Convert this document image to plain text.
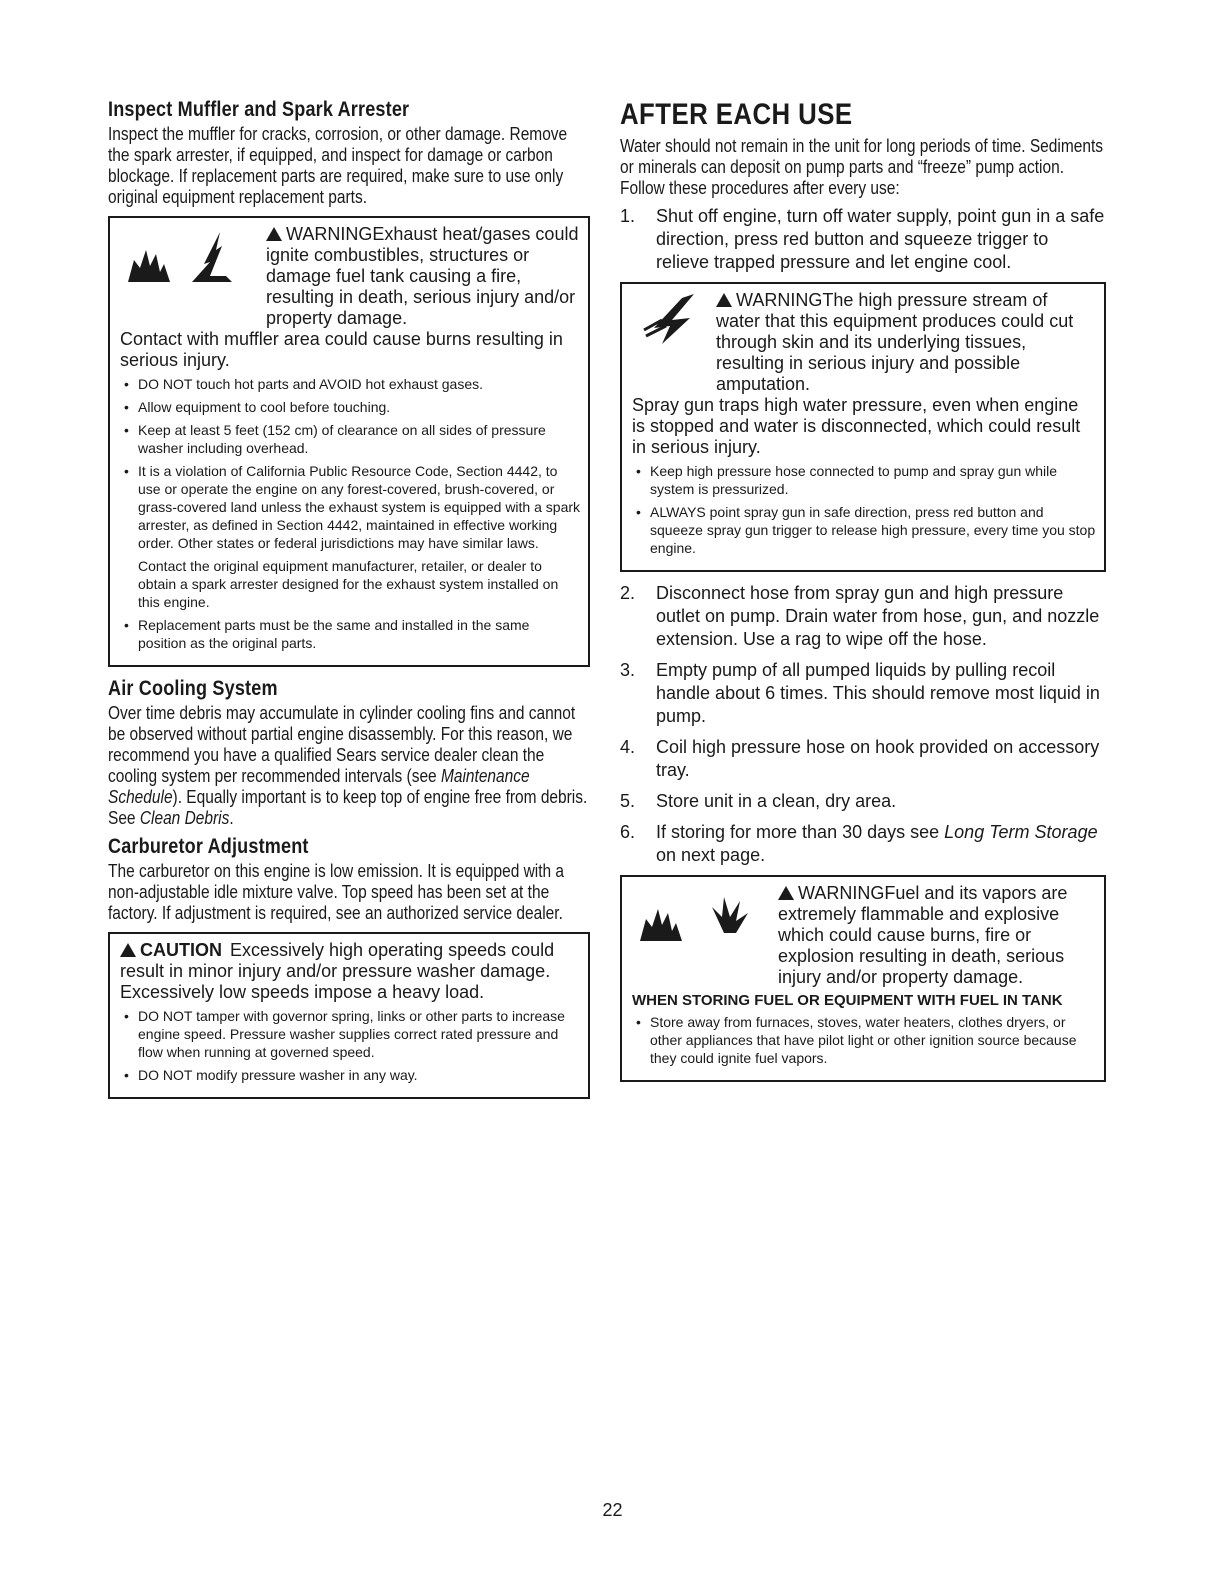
Inspect Muffler and Spark Arrester

Inspect the muffler for cracks, corrosion, or other damage. Remove the spark arrester, if equipped, and inspect for damage or carbon blockage. If replacement parts are required, make sure to use only original equipment replacement parts.

WARNINGExhaust heat/gases could ignite combustibles, structures or damage fuel tank causing a fire, resulting in death, serious injury and/or property damage.

Contact with muffler area could cause burns resulting in serious injury.

• DO NOT touch hot parts and AVOID hot exhaust gases.
• Allow equipment to cool before touching.
• Keep at least 5 feet (152 cm) of clearance on all sides of pressure washer including overhead.
• It is a violation of California Public Resource Code, Section 4442, to use or operate the engine on any forest-covered, brush-covered, or grass-covered land unless the exhaust system is equipped with a spark arrester, as defined in Section 4442, maintained in effective working order. Other states or federal jurisdictions may have similar laws.
Contact the original equipment manufacturer, retailer, or dealer to obtain a spark arrester designed for the exhaust system installed on this engine.
• Replacement parts must be the same and installed in the same position as the original parts.
Air Cooling System

Over time debris may accumulate in cylinder cooling fins and cannot be observed without partial engine disassembly. For this reason, we recommend you have a qualified Sears service dealer clean the cooling system per recommended intervals (see Maintenance Schedule). Equally important is to keep top of engine free from debris. See Clean Debris.

Carburetor Adjustment

The carburetor on this engine is low emission. It is equipped with a non-adjustable idle mixture valve. Top speed has been set at the factory. If adjustment is required, see an authorized service dealer.

CAUTION Excessively high operating speeds could result in minor injury and/or pressure washer damage. Excessively low speeds impose a heavy load.
• DO NOT tamper with governor spring, links or other parts to increase engine speed. Pressure washer supplies correct rated pressure and flow when running at governed speed.
• DO NOT modify pressure washer in any way.
AFTER EACH USE

Water should not remain in the unit for long periods of time. Sediments or minerals can deposit on pump parts and “freeze” pump action. Follow these procedures after every use:

1. Shut off engine, turn off water supply, point gun in a safe direction, press red button and squeeze trigger to relieve trapped pressure and let engine cool.
WARNINGThe high pressure stream of water that this equipment produces could cut through skin and its underlying tissues, resulting in serious injury and possible amputation.

Spray gun traps high water pressure, even when engine is stopped and water is disconnected, which could result in serious injury.

• Keep high pressure hose connected to pump and spray gun while system is pressurized.
• ALWAYS point spray gun in safe direction, press red button and squeeze spray gun trigger to release high pressure, every time you stop engine.
2. Disconnect hose from spray gun and high pressure outlet on pump. Drain water from hose, gun, and nozzle extension. Use a rag to wipe off the hose.
3. Empty pump of all pumped liquids by pulling recoil handle about 6 times. This should remove most liquid in pump.
4. Coil high pressure hose on hook provided on accessory tray.
5. Store unit in a clean, dry area.
6. If storing for more than 30 days see Long Term Storage on next page.
WARNINGFuel and its vapors are extremely flammable and explosive which could cause burns, fire or explosion resulting in death, serious injury and/or property damage.
WHEN STORING FUEL OR EQUIPMENT WITH FUEL IN TANK
• Store away from furnaces, stoves, water heaters, clothes dryers, or other appliances that have pilot light or other ignition source because they could ignite fuel vapors.
22
